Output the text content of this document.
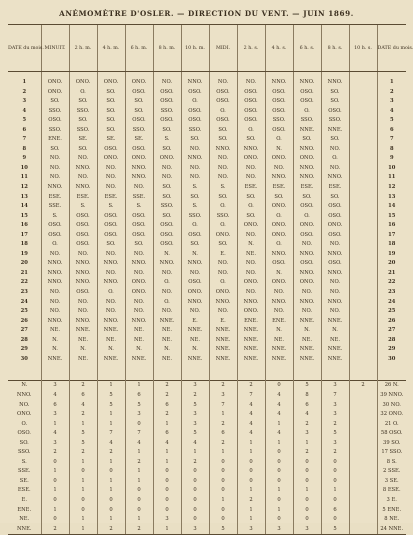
ANÉMOMÈTRE D'OSLER. — DIRECTION DU VENT. — JUIN 1869.
DATE du mois.	MINUIT.	2 h. m.	4 h. m.	6 h. m.	8 h. m.	10 h. m.	MIDI.	2 h. s.	4 h. s.	6 h. s.	8 h. s.	10 h. s.	DATE du mois.

1	ONO.	ONO.	ONO.	ONO.	NO.	NNO.	NO.	NO.	NNO.	NNO.	NNO.		1
2	ONO.	O.	SO.	OSO.	OSO.	OSO.	OSO.	OSO.	OSO.	OSO.	SO.		2
3	SO.	SO.	SO.	SO.	OSO.	O.	OSO.	OSO.	OSO.	OSO.	SO.		3
4	SSO.	SSO.	SO.	SO.	SSO.	OSO.	O.	OSO.	OSO.	O.	OSO.		4
5	OSO.	SO.	SO.	OSO.	OSO.	OSO.	OSO.	OSO.	SSO.	SSO.	SSO.		5
6	SSO.	SSO.	SO.	SSO.	SO.	SSO.	SO.	O.	OSO.	NNE.	NNE.		6
7	ENE.	SE.	SE.	SE.	S.	SO.	SO.	SO.	O.	SO.	SO.		7
8	SO.	SO.	OSO.	OSO.	SO.	NO.	NNO.	NNO.	N.	NNO.	NO.		8
9	NO.	NO.	ONO.	ONO.	ONO.	NNO.	NO.	ONO.	ONO.	ONO.	O.		9
10	NO.	NNO.	NO.	NNO.	NO.	NO.	NO.	NO.	NO.	NNO.	NO.		10
11	NO.	NO.	NO.	NNO.	NO.	NO.	NO.	NO.	NNO.	NNO.	NNO.		11
12	NNO.	NNO.	NO.	NO.	SO.	S.	S.	ESE.	ESE.	ESE.	ESE.		12
13	ESE.	ESE.	ESE.	SSE.	SO.	SO.	SO.	SO.	SO.	SO.	SO.		13
14	SSE.	S.	S.	S.	SSO.	S.	O.	O.	ONO.	OSO.	OSO.		14
15	S.	OSO.	OSO.	OSO.	SO.	SSO.	SSO.	SO.	O.	O.	OSO.		15
16	OSO.	OSO.	OSO.	OSO.	OSO.	O.	O.	ONO.	ONO.	ONO.	ONO.		16
17	OSO.	OSO.	OSO.	OSO.	OSO.	OSO.	ONO.	NO.	ONO.	OSO.	OSO.		17
18	O.	OSO.	SO.	SO.	OSO.	SO.	SO.	N.	O.	NO.	NO.		18
19	NO.	NO.	NO.	NO.	N.	N.	E.	NE.	NNO.	NNO.	NNO.		19
20	NNO.	NNO.	NNO.	NNO.	NNO.	NNO.	NO.	NO.	OSO.	OSO.	OSO.		20
21	NNO.	NNO.	NO.	NO.	NO.	NO.	NO.	NO.	N.	NNO.	NNO.		21
22	NNO.	NNO.	NNO.	ONO.	O.	OSO.	O.	ONO.	ONO.	ONO.	NO.		22
23	NO.	OSO.	O.	ONO.	NO.	ONO.	ONO.	NO.	NO.	NO.	NO.		23
24	NO.	NO.	NO.	NO.	O.	NNO.	NNO.	NNO.	NNO.	NNO.	NNO.		24
25	NO.	NO.	NO.	NO.	NO.	NO.	NO.	ONO.	NO.	NO.	NO.		25
26	NNO.	NNO.	NNO.	NNO.	NNE.	E.	E.	ENE.	ENE.	NNE.	NNE.		26
27	NE.	NNE.	NNE.	NE.	NE.	NNE.	NNE.	NNE.	N.	N.	N.		27
28	N.	NE.	NE.	NE.	NE.	NE.	NNE.	NNE.	NE.	NE.	NE.		28
29	N.	N.	N.	N.	N.	N.	NNE.	NNE.	NNE.	NNE.	NNE.		29
30	NNE.	NE.	NNE.	NNE.	NE.	NNE.	NNE.	NNE.	NNE.	NNE.	NNE.		30

N.	3	2	1	1	2	3	2	2	0	5	3	2	26 N.
NNO.	4	6	5	6	2	2	3	7	4	8	7		39 NNO.
NO.	6	4	5	5	6	5	7	4	4	6	3		30 NO.
ONO.	3	2	1	3	2	3	1	4	4	4	3		32 ONO.
O.	1	1	1	0	1	3	2	4	1	2	2		21 O.
OSO.	4	5	7	7	6	5	6	4	4	3	5		58 OSO.
SO.	3	5	4	4	4	4	2	1	1	1	3		39 SO.
SSO.	2	2	2	1	1	1	1	1	0	2	2		17 SSO.
S.	0	1	1	2	1	2	0	0	0	0	0		8 S.
SSE.	1	0	0	1	0	0	0	0	0	0	0		2 SSE.
SE.	0	1	1	1	0	0	0	0	0	0	0		3 SE.
ESE.	1	1	1	0	0	0	0	1	1	1	1		8 ESE.
E.	0	0	0	0	0	0	1	2	0	0	0		3 E.
ENE.	1	0	0	0	0	0	0	1	1	0	6		5 ENE.
NE.	0	1	1	1	3	0	0	1	0	0	0		8 NE.
NNE.	2	1	2	2	1	3	5	3	3	3	5		24 NNE.
